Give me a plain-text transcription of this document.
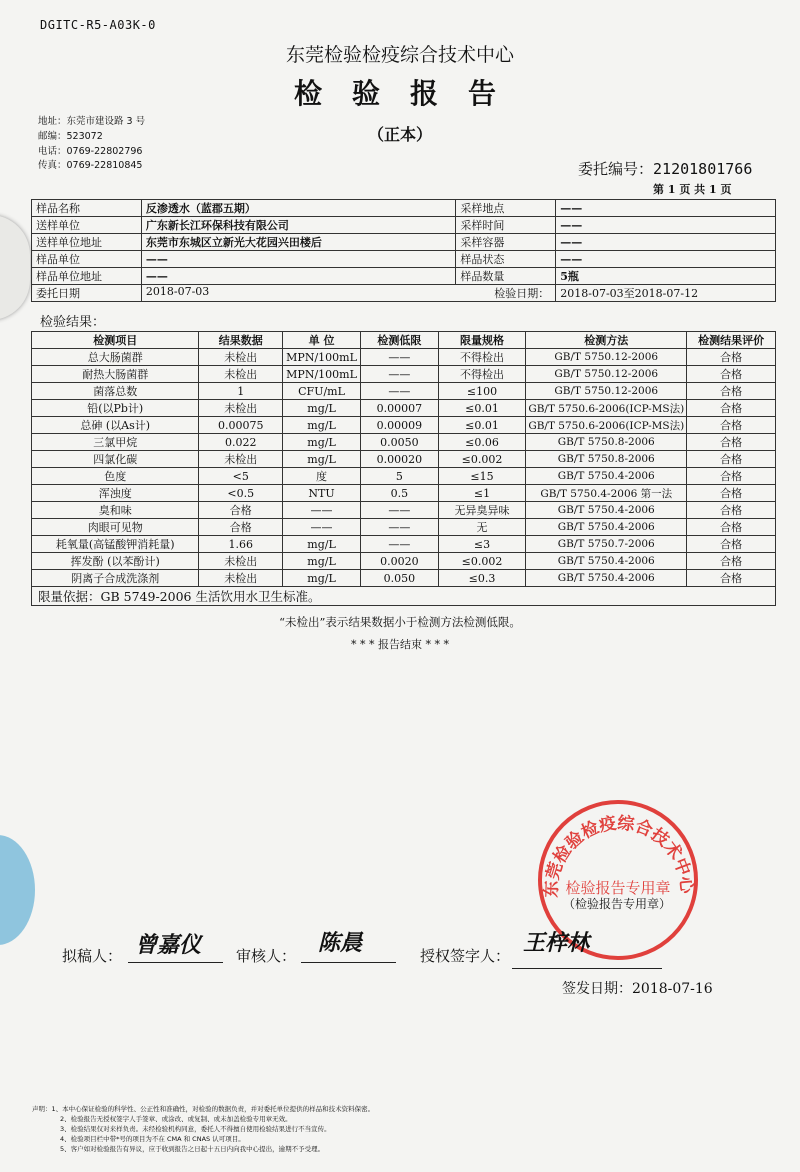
DGITC-R5-A03K-0
东莞检验检疫综合技术中心
检验报告
（正本）
地址：东莞市建设路 3 号
邮编：523072
电话：0769-22802796
传真：0769-22810845	委托编号：21201801766
第 1 页 共 1 页
样品名称	反渗透水（蓝郡五期）	采样地点	——
送样单位	广东新长江环保科技有限公司	采样时间	——
送样单位地址	东莞市东城区立新光大花园兴田楼后	采样容器	——
样品单位	——	样品状态	——
样品单位地址	——	样品数量	5瓶
委托日期	2018-07-03 检验日期：		2018-07-03至2018-07-12
检验结果：
检测项目	结果数据	单 位	检测低限	限量规格	检测方法	检测结果评价
总大肠菌群	未检出	MPN/100mL	——	不得检出	GB/T 5750.12-2006	合格
耐热大肠菌群	未检出	MPN/100mL	——	不得检出	GB/T 5750.12-2006	合格
菌落总数	1	CFU/mL	——	≤100	GB/T 5750.12-2006	合格
铅(以Pb计)	未检出	mg/L	0.00007	≤0.01	GB/T 5750.6-2006(ICP-MS法)	合格
总砷 (以As计)	0.00075	mg/L	0.00009	≤0.01	GB/T 5750.6-2006(ICP-MS法)	合格
三氯甲烷	0.022	mg/L	0.0050	≤0.06	GB/T 5750.8-2006	合格
四氯化碳	未检出	mg/L	0.00020	≤0.002	GB/T 5750.8-2006	合格
色度	<5	度	5	≤15	GB/T 5750.4-2006	合格
浑浊度	<0.5	NTU	0.5	≤1	GB/T 5750.4-2006 第一法	合格
臭和味	合格	——	——	无异臭异味	GB/T 5750.4-2006	合格
肉眼可见物	合格	——	——	无	GB/T 5750.4-2006	合格
耗氧量(高锰酸钾消耗量)	1.66	mg/L	——	≤3	GB/T 5750.7-2006	合格
挥发酚 (以苯酚计)	未检出	mg/L	0.0020	≤0.002	GB/T 5750.4-2006	合格
阴离子合成洗涤剂	未检出	mg/L	0.050	≤0.3	GB/T 5750.4-2006	合格
限量依据：GB 5749-2006 生活饮用水卫生标准。						
“未检出”表示结果数据小于检测方法检测低限。
* * * 报告结束 * * *
东莞检验检疫综合技术中心
检验报告专用章
（检验报告专用章）
拟稿人： 曾嘉仪 审核人： 陈晨	授权签字人： 王梓林
签发日期：2018-07-16
声明：1、本中心保证检验的科学性、公正性和准确性，对检验的数据负责，并对委托单位提供的样品和技术资料保密。
2、检验报告无授权签字人手签章、或涂改、或复制、或未加盖检验专用章无效。
3、检验结果仅对来样负责。未经检验机构同意，委托人不得擅自使用检验结果进行不当宣传。
4、检验项目栏中带*号的项目为不在 CMA 和 CNAS 认可项目。
5、客户如对检验报告有异议，应于收到报告之日起十五日内向我中心提出，逾期不予受理。
